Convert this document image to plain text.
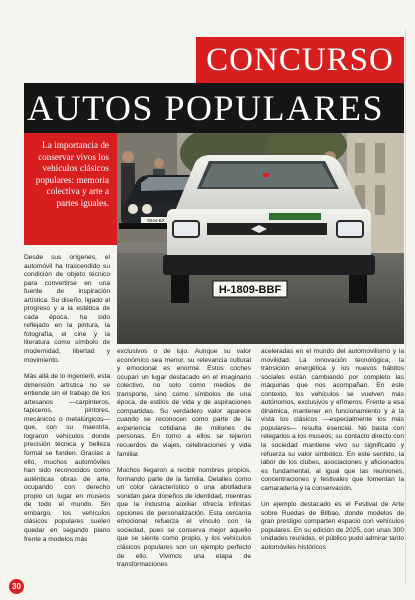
9044-BX
H-1809-BBF
CONCURSO
AUTOS POPULARES
La importancia de conservar vivos los vehículos clásicos populares: memoria colectiva y arte a partes iguales.

Desde sus orígenes, el automóvil ha trascendido su condición de objeto técnico para convertirse en una fuente de inspiración artística. Su diseño, ligado al progreso y a la estética de cada época, ha sido reflejado en la pintura, la fotografía, el cine y la literatura como símbolo de modernidad, libertad y movimiento.

Más allá de lo ingenieril, esta dimensión artística no se entiende sin el trabajo de los artesanos —carpinteros, tapiceros, pintores, mecánicos o metalúrgicos— que, con su maestría, lograron vehículos donde precisión técnica y belleza formal se funden. Gracias a ello, muchos automóviles han sido reconocidos como auténticas obras de arte, ocupando con derecho propio un lugar en museos de todo el mundo. Sin embargo, los vehículos clásicos populares suelen quedar en segundo plano frente a modelos más

exclusivos o de lujo. Aunque su valor económico sea menor, su relevancia cultural y emocional es enorme. Estos coches ocupan un lugar destacado en el imaginario colectivo, no solo como medios de transporte, sino como símbolos de una época, de estilos de vida y de aspiraciones compartidas. Su verdadero valor aparece cuando se reconocen como parte de la experiencia cotidiana de millones de personas. En torno a ellos se tejieron recuerdos de viajes, celebraciones y vida familiar.

Muchos llegaron a recibir nombres propios, formando parte de la familia. Detalles como un color característico o una abolladura sonidan para doneños de identidad, mientras que la industria auxiliar ofrecía infinitas opciones de personalización. Esta cercanía emocional refuerza el vínculo con la sociedad, pues se conserva mejor aquello que se siente como propio, y los vehículos clásicos populares son un ejemplo perfecto de ello. Vivimos una etapa de transformaciones

aceleradas en el mundo del automovilismo y la movilidad. La innovación tecnológica, la transición energética y los nuevos hábitos sociales están cambiando por completo las máquinas que nos acompañan. En este contexto, los vehículos se vuelven más autónomos, exclusivos y efímeros. Frente a esa dinámica, mantener en funcionamiento y a la vista los clásicos —especialmente los más populares— resulta esencial. No basta con relegarlos a los museos; su contacto directo con la sociedad mantiene vivo su significado y refuerza su valor simbólico. En este sentido, la labor de los clubes, asociaciones y aficionados es fundamental, al igual que las reuniones, concentraciones y festivales que fomentan la camaradería y la conservación.

Un ejemplo destacado es el Festival de Arte sobre Ruedas de Bilbao, donde modelos de gran prestigio comparten espacio con vehículos populares. En su edición de 2025, con unas 300 unidades reunidas, el público pudo admirar tanto automóviles históricos

30
